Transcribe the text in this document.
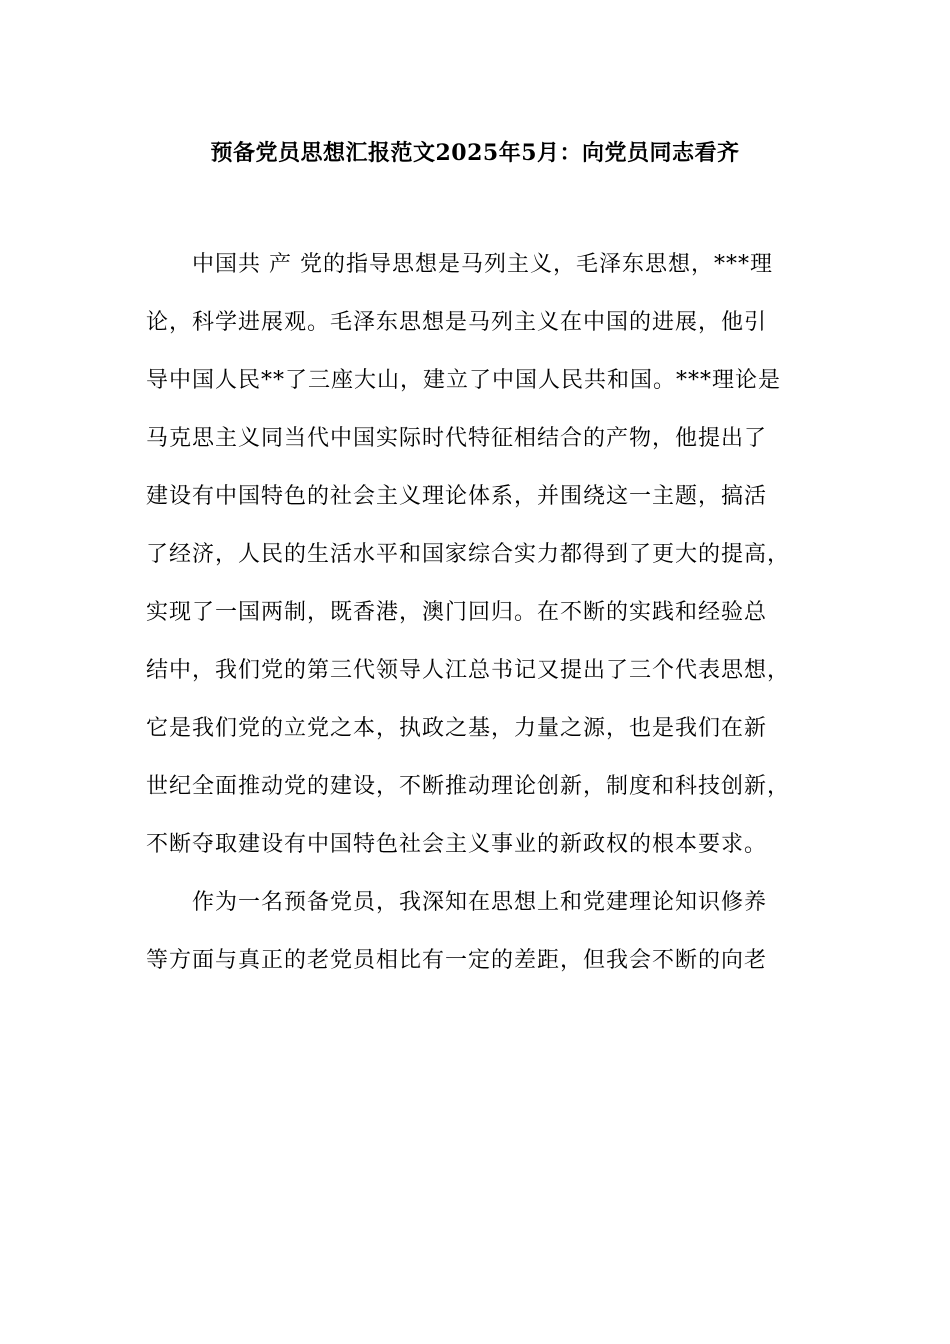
预备党员思想汇报范文2025年5月：向党员同志看齐
中国共 产 党的指导思想是马列主义，毛泽东思想，***理
论，科学进展观。毛泽东思想是马列主义在中国的进展，他引
导中国人民**了三座大山，建立了中国人民共和国。***理论是
马克思主义同当代中国实际时代特征相结合的产物，他提出了
建设有中国特色的社会主义理论体系，并围绕这一主题，搞活
了经济，人民的生活水平和国家综合实力都得到了更大的提高，
实现了一国两制，既香港，澳门回归。在不断的实践和经验总
结中，我们党的第三代领导人江总书记又提出了三个代表思想，
它是我们党的立党之本，执政之基，力量之源，也是我们在新
世纪全面推动党的建设，不断推动理论创新，制度和科技创新，
不断夺取建设有中国特色社会主义事业的新政权的根本要求。
作为一名预备党员，我深知在思想上和党建理论知识修养
等方面与真正的老党员相比有一定的差距，但我会不断的向老
